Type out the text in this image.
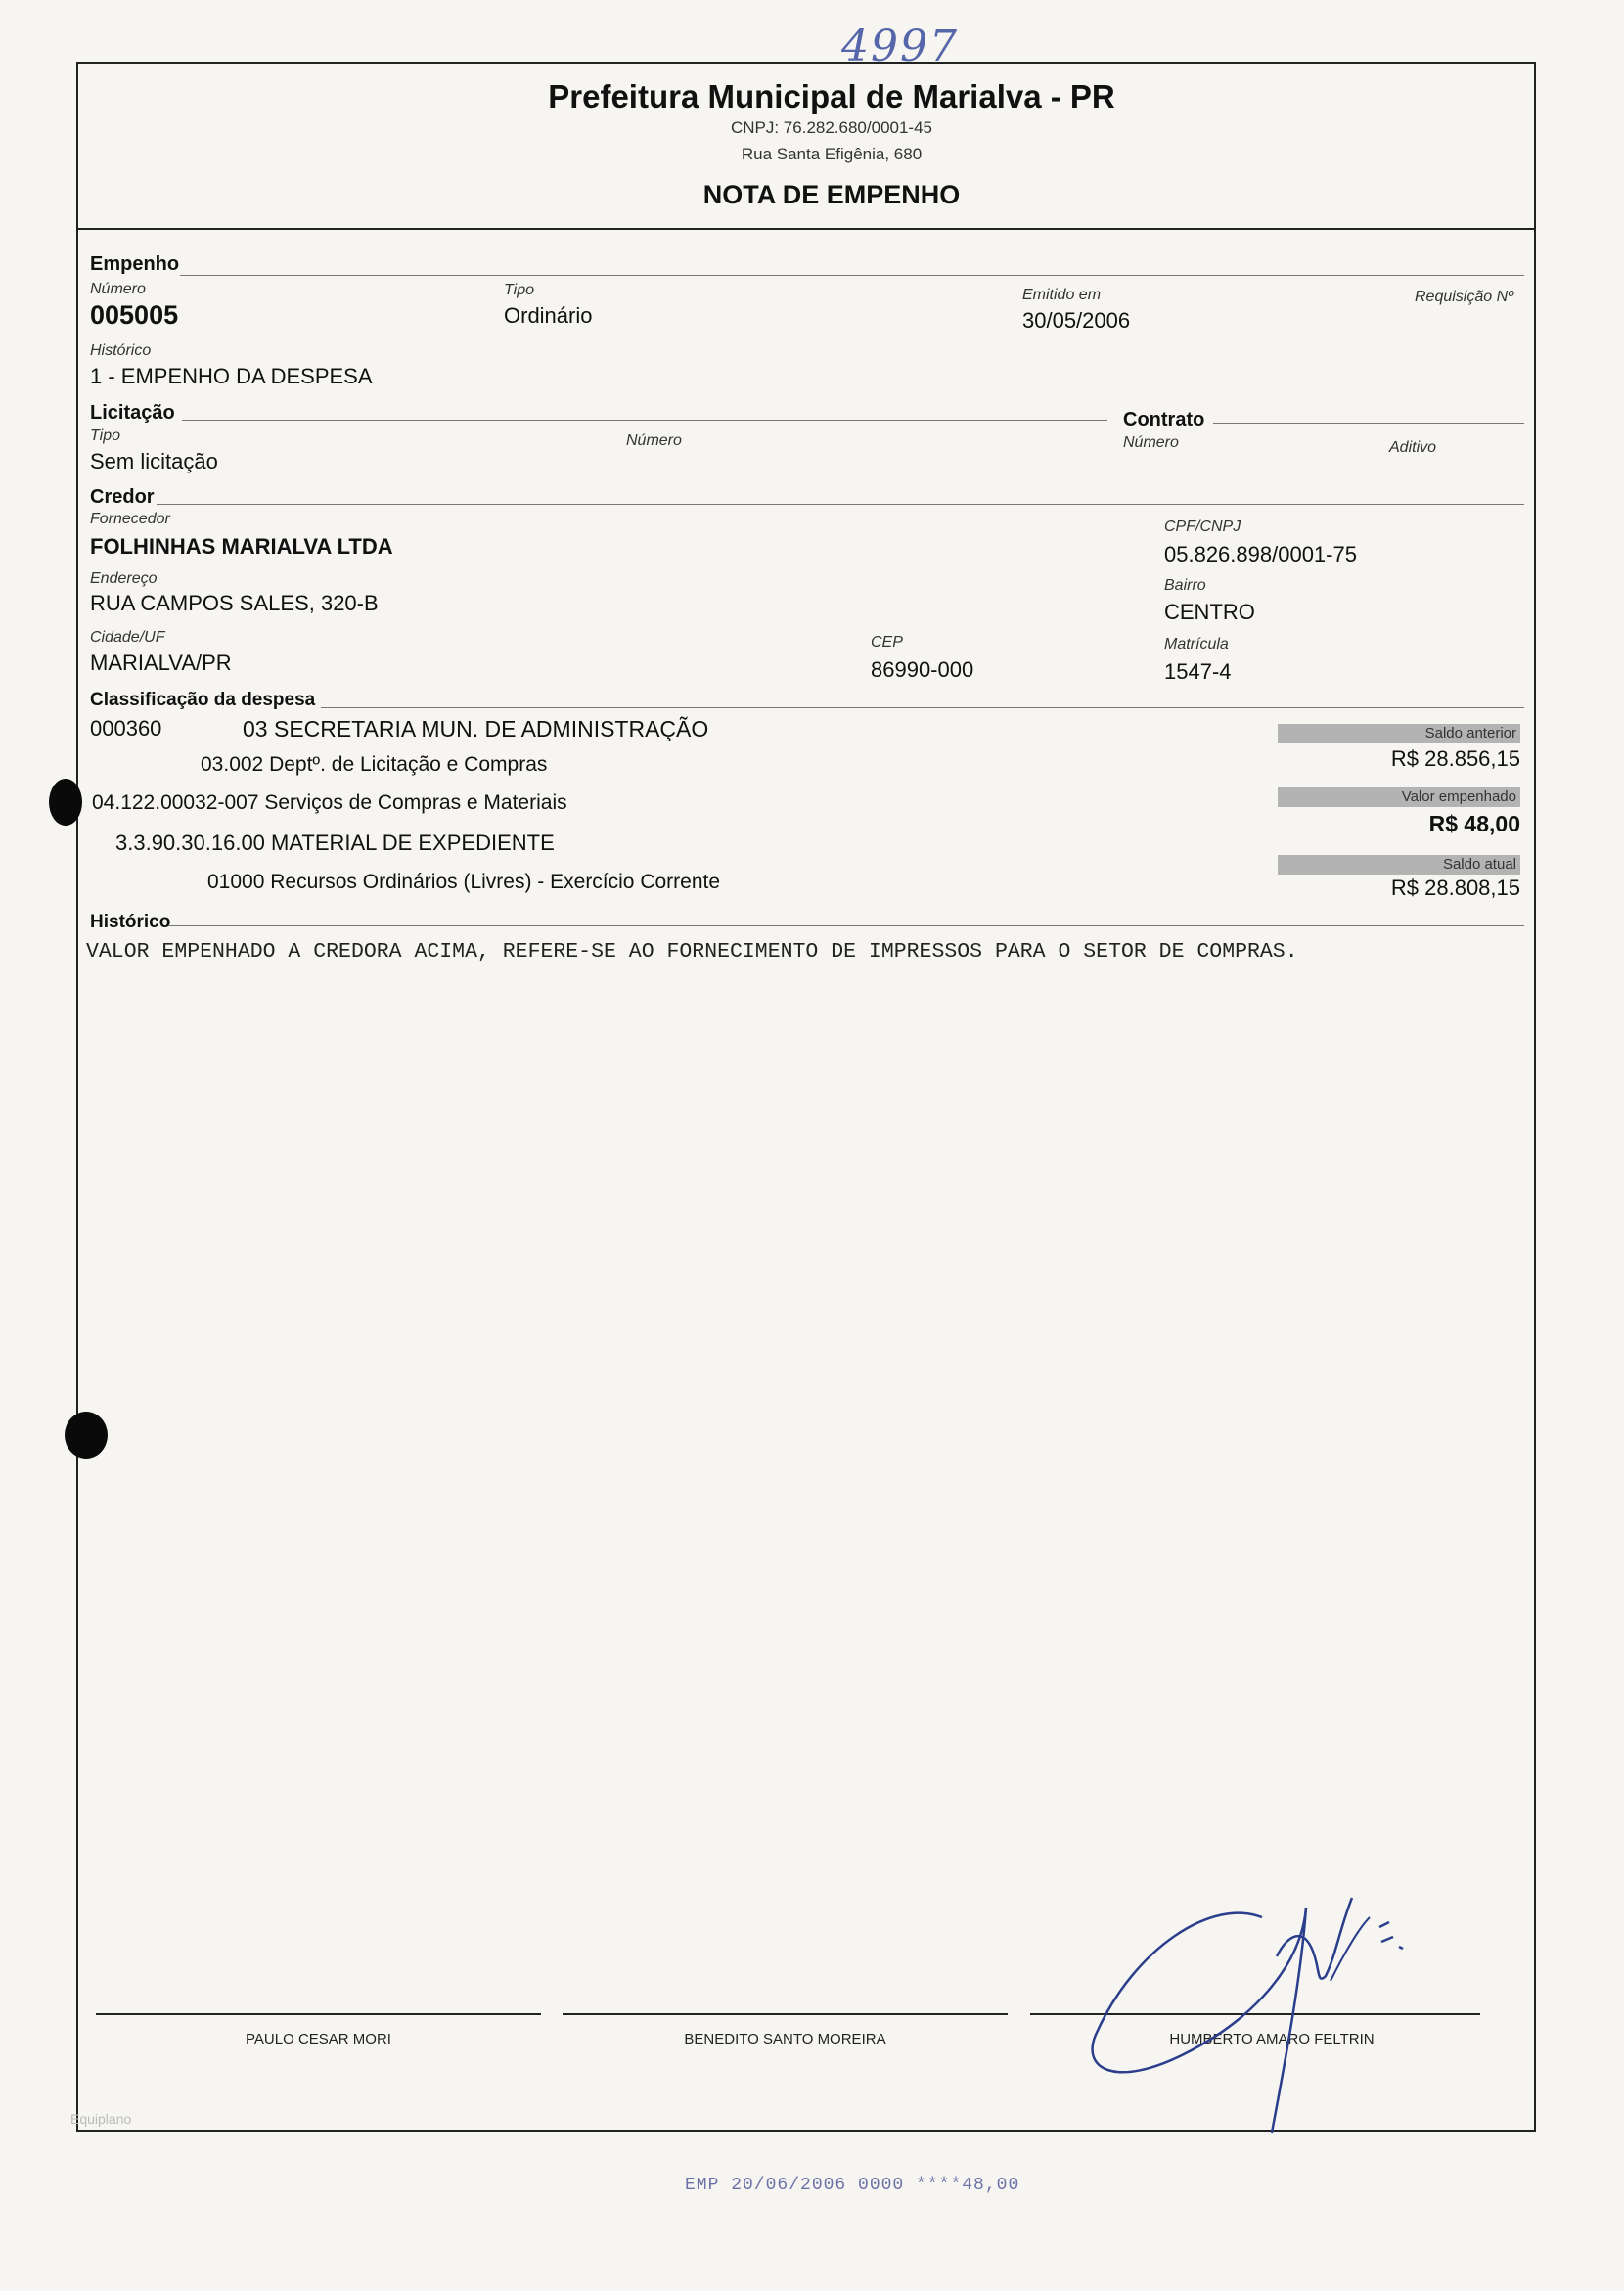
4997
Prefeitura Municipal de Marialva - PR
CNPJ: 76.282.680/0001-45
Rua Santa Efigênia, 680
NOTA DE EMPENHO
Empenho
Número
005005
Tipo
Ordinário
Emitido em
30/05/2006
Requisição Nº
Histórico
1 - EMPENHO DA DESPESA
Licitação	Contrato
Tipo
Sem licitação
Número	Número	Aditivo
Credor
Fornecedor
FOLHINHAS MARIALVA LTDA
CPF/CNPJ
05.826.898/0001-75
Endereço
RUA CAMPOS SALES, 320-B
Bairro
CENTRO
Cidade/UF
MARIALVA/PR
CEP
86990-000
Matrícula
1547-4
Classificação da despesa
000360	03 SECRETARIA MUN. DE ADMINISTRAÇÃO
03.002 Deptº. de Licitação e Compras
04.122.00032-007 Serviços de Compras e Materiais
3.3.90.30.16.00 MATERIAL DE EXPEDIENTE
01000 Recursos Ordinários (Livres) - Exercício Corrente
Saldo anterior
R$ 28.856,15
Valor empenhado
R$ 48,00
Saldo atual
R$ 28.808,15
Histórico
VALOR EMPENHADO A CREDORA ACIMA, REFERE-SE AO FORNECIMENTO DE IMPRESSOS PARA O SETOR DE COMPRAS.
PAULO CESAR MORI	BENEDITO SANTO MOREIRA	HUMBERTO AMARO FELTRIN
Equiplano
EMP 20/06/2006 0000 ****48,00
